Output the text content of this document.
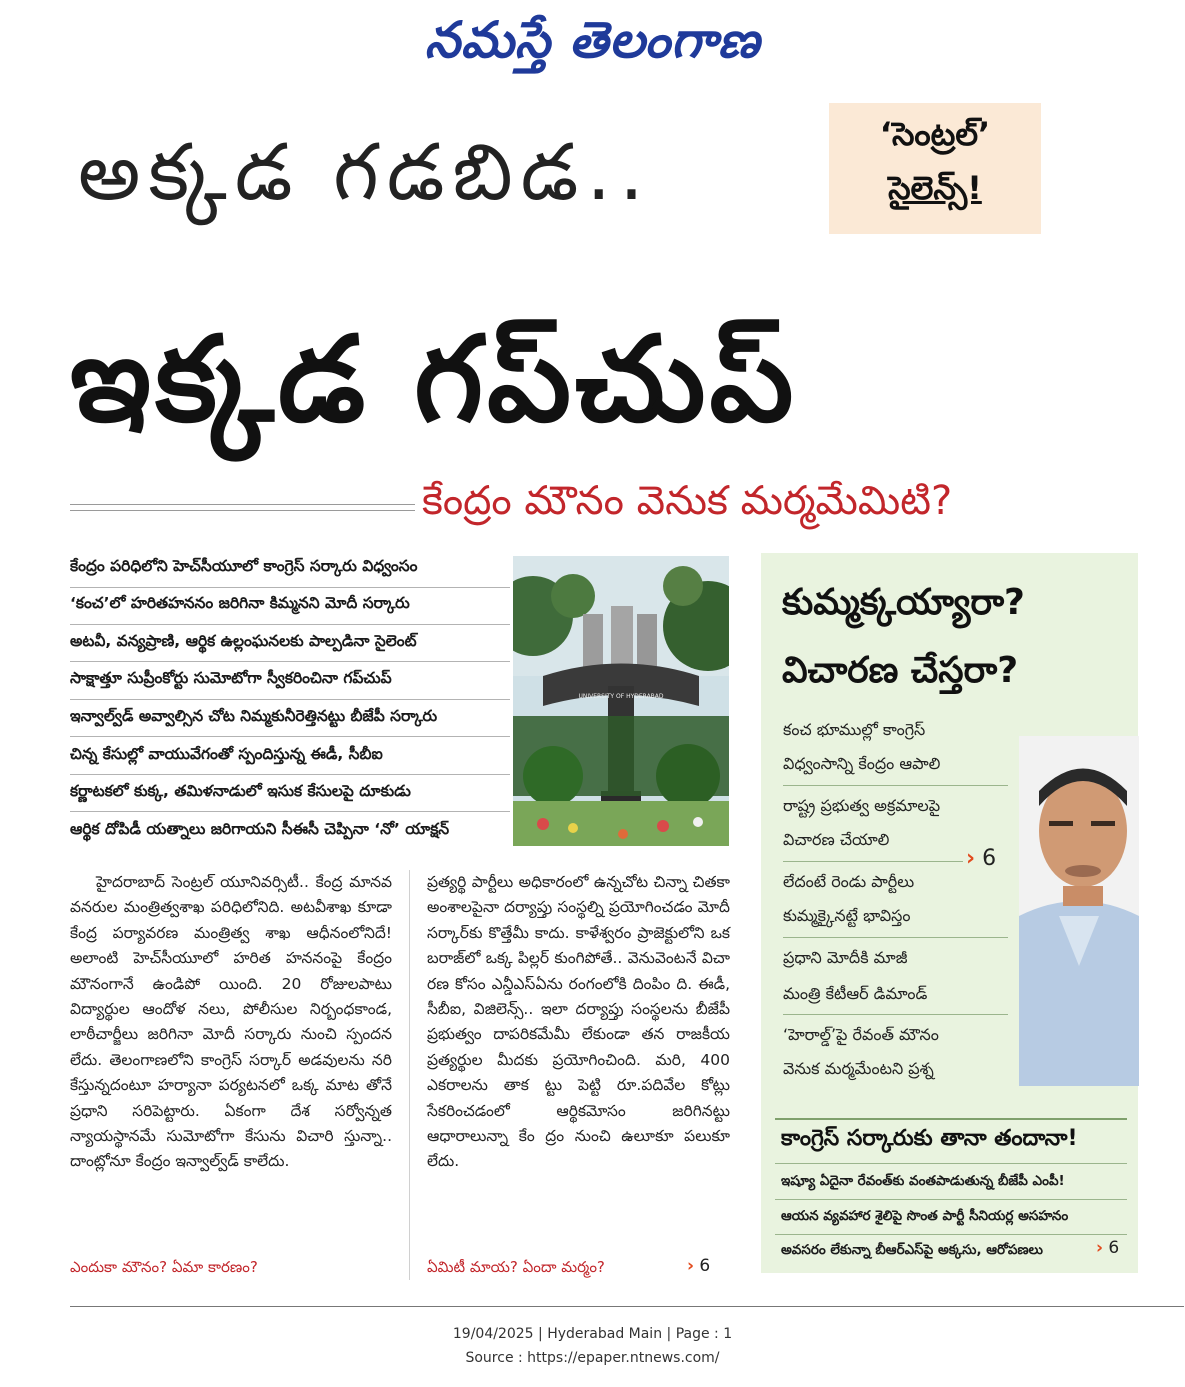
నమస్తే తెలంగాణ
‘సెంట్రల్’
సైలెన్స్!
అక్కడ గడబిడ..
ఇక్కడ గప్‌చుప్
కేంద్రం మౌనం వెనుక మర్మమేమిటి?
కేంద్రం పరిధిలోని హెచ్‌సీయూలో కాంగ్రెస్ సర్కారు విధ్వంసం
‘కంచ’లో హరితహననం జరిగినా కిమ్మనని మోదీ సర్కారు
అటవీ, వన్యప్రాణి, ఆర్థిక ఉల్లంఘనలకు పాల్పడినా సైలెంట్
సాక్షాత్తూ సుప్రీంకోర్టు సుమోటోగా స్వీకరించినా గప్‌చుప్
ఇన్వాల్వ్‌డ్ అవ్వాల్సిన చోట నిమ్మకునీరెత్తినట్టు బీజేపీ సర్కారు
చిన్న కేసుల్లో వాయువేగంతో స్పందిస్తున్న ఈడీ, సీబీఐ
కర్ణాటకలో కుక్క, తమిళనాడులో ఇసుక కేసులపై దూకుడు
ఆర్థిక దోపిడీ యత్నాలు జరిగాయని సీఈసీ చెప్పినా ‘నో’ యాక్షన్
UNIVERSITY OF HYDERABAD
హైదరాబాద్ సెంట్రల్ యూనివర్సిటీ.. కేంద్ర మానవ వనరుల మంత్రిత్వశాఖ పరిధిలోనిది. అటవీశాఖ కూడా కేంద్ర పర్యావరణ మంత్రిత్వ శాఖ ఆధీనంలోనిదే! అలాంటి హెచ్‌సీయూలో హరిత హననంపై కేంద్రం మౌనంగానే ఉండిపో యింది. 20 రోజులపాటు విద్యార్థుల ఆందోళ నలు, పోలీసుల నిర్బంధకాండ, లాఠీచార్జీలు జరిగినా మోదీ సర్కారు నుంచి స్పందన లేదు. తెలంగాణలోని కాంగ్రెస్ సర్కార్ అడవులను నరి కేస్తున్నదంటూ హర్యానా పర్యటనలో ఒక్క మాట తోనే ప్రధాని సరిపెట్టారు. ఏకంగా దేశ సర్వోన్నత న్యాయస్థానమే సుమోటోగా కేసును విచారి స్తున్నా.. దాంట్లోనూ కేంద్రం ఇన్వాల్వ్‌డ్ కాలేదు.
ఎందుకా మౌనం? ఏమా కారణం?
ప్రత్యర్థి పార్టీలు అధికారంలో ఉన్నచోట చిన్నా చితకా అంశాలపైనా దర్యాప్తు సంస్థల్ని ప్రయోగించడం మోదీ సర్కార్‌కు కొత్తేమీ కాదు. కాళేశ్వరం ప్రాజెక్టులోని ఒక బరాజ్‌లో ఒక్క పిల్లర్ కుంగిపోతే.. వెనువెంటనే విచా రణ కోసం ఎన్డీఎస్‌ఏను రంగంలోకి దింపిం ది. ఈడీ, సీబీఐ, విజిలెన్స్.. ఇలా దర్యాప్తు సంస్థలను బీజేపీ ప్రభుత్వం దాపరికమేమీ లేకుండా తన రాజకీయ ప్రత్యర్థుల మీదకు ప్రయోగించింది. మరి, 400 ఎకరాలను తాక ట్టు పెట్టి రూ.పదివేల కోట్లు సేకరించడంలో ఆర్థికమోసం జరిగినట్టు ఆధారాలున్నా కేం ద్రం నుంచి ఉలూకూ పలుకూ లేదు.
ఏమిటీ మాయ? ఏందా మర్మం?	› 6
కుమ్మక్కయ్యారా?
విచారణ చేస్తరా?
కంచ భూముల్లో కాంగ్రెస్
విధ్వంసాన్ని కేంద్రం ఆపాలి
రాష్ట్ర ప్రభుత్వ అక్రమాలపై
విచారణ చేయాలి
› 6
లేదంటే రెండు పార్టీలు
కుమ్మక్కైనట్టే భావిస్తం
ప్రధాని మోదీకి మాజీ
మంత్రి కేటీఆర్ డిమాండ్
‘హెరాల్డ్’పై రేవంత్ మౌనం
వెనుక మర్మమేంటని ప్రశ్న
కాంగ్రెస్ సర్కారుకు తానా తందానా!
ఇష్యూ ఏదైనా రేవంత్‌కు వంతపాడుతున్న బీజేపీ ఎంపీ!
ఆయన వ్యవహార శైలిపై సొంత పార్టీ సీనియర్ల అసహనం
అవసరం లేకున్నా బీఆర్‌ఎస్‌పై అక్కసు, ఆరోపణలు	› 6
19/04/2025 | Hyderabad Main | Page : 1
Source : https://epaper.ntnews.com/
